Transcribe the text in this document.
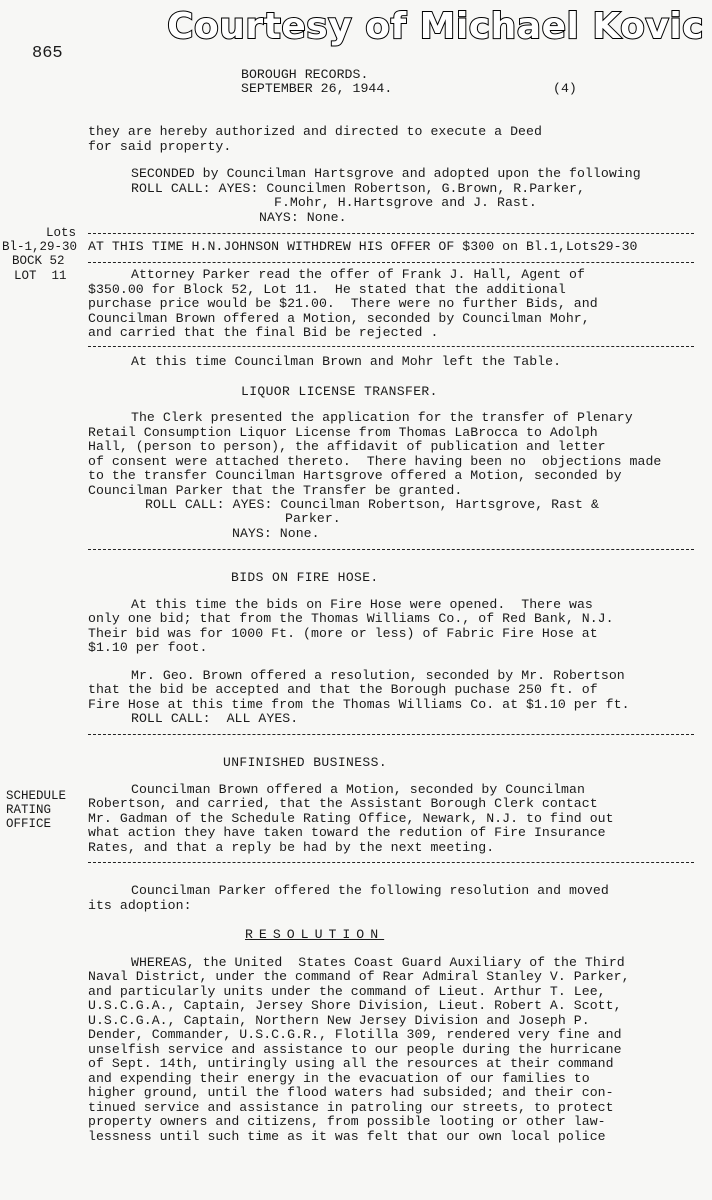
Courtesy of Michael Kovic
865
BOROUGH RECORDS.
SEPTEMBER 26, 1944.	(4)
they are hereby authorized and directed to execute a Deed
for said property.
SECONDED by Councilman Hartsgrove and adopted upon the following
ROLL CALL: AYES: Councilmen Robertson, G.Brown, R.Parker,
F.Mohr, H.Hartsgrove and J. Rast.
NAYS: None.
Lots
Bl-1,29-30 AT THIS TIME H.N.JOHNSON WITHDREW HIS OFFER OF $300 on Bl.1,Lots29-30
BOCK 52
LOT  11	Attorney Parker read the offer of Frank J. Hall, Agent of
$350.00 for Block 52, Lot 11.  He stated that the additional
purchase price would be $21.00.  There were no further Bids, and
Councilman Brown offered a Motion, seconded by Councilman Mohr,
and carried that the final Bid be rejected .
At this time Councilman Brown and Mohr left the Table.
LIQUOR LICENSE TRANSFER.
The Clerk presented the application for the transfer of Plenary
Retail Consumption Liquor License from Thomas LaBrocca to Adolph
Hall, (person to person), the affidavit of publication and letter
of consent were attached thereto.  There having been no  objections made
to the transfer Councilman Hartsgrove offered a Motion, seconded by
Councilman Parker that the Transfer be granted.
ROLL CALL: AYES: Councilman Robertson, Hartsgrove, Rast &
Parker.
NAYS: None.
BIDS ON FIRE HOSE.
At this time the bids on Fire Hose were opened.  There was
only one bid; that from the Thomas Williams Co., of Red Bank, N.J.
Their bid was for 1000 Ft. (more or less) of Fabric Fire Hose at
$1.10 per foot.
Mr. Geo. Brown offered a resolution, seconded by Mr. Robertson
that the bid be accepted and that the Borough puchase 250 ft. of
Fire Hose at this time from the Thomas Williams Co. at $1.10 per ft.
ROLL CALL:  ALL AYES.
UNFINISHED BUSINESS.
SCHEDULE
RATING
OFFICE
Councilman Brown offered a Motion, seconded by Councilman
Robertson, and carried, that the Assistant Borough Clerk contact
Mr. Gadman of the Schedule Rating Office, Newark, N.J. to find out
what action they have taken toward the redution of Fire Insurance
Rates, and that a reply be had by the next meeting.
Councilman Parker offered the following resolution and moved
its adoption:
RESOLUTION
WHEREAS, the United  States Coast Guard Auxiliary of the Third
Naval District, under the command of Rear Admiral Stanley V. Parker,
and particularly units under the command of Lieut. Arthur T. Lee,
U.S.C.G.A., Captain, Jersey Shore Division, Lieut. Robert A. Scott,
U.S.C.G.A., Captain, Northern New Jersey Division and Joseph P.
Dender, Commander, U.S.C.G.R., Flotilla 309, rendered very fine and
unselfish service and assistance to our people during the hurricane
of Sept. 14th, untiringly using all the resources at their command
and expending their energy in the evacuation of our families to
higher ground, until the flood waters had subsided; and their con-
tinued service and assistance in patroling our streets, to protect
property owners and citizens, from possible looting or other law-
lessness until such time as it was felt that our own local police
